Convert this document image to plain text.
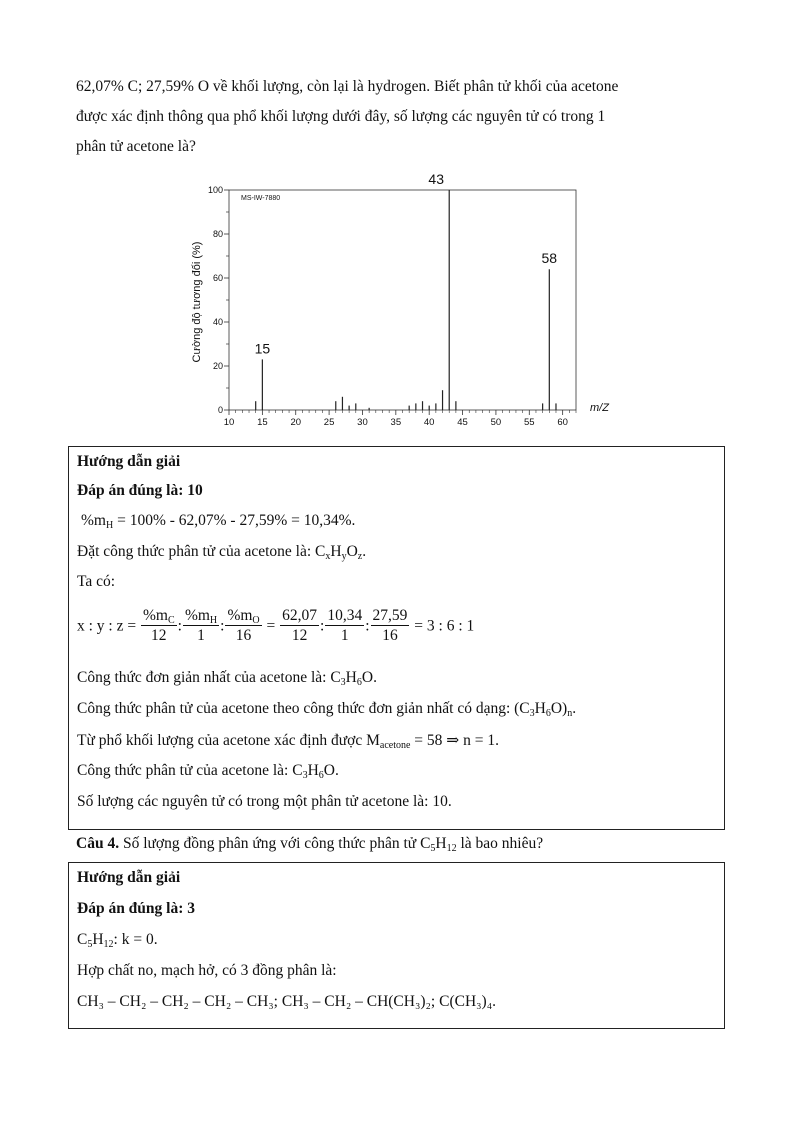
62,07% C; 27,59% O về khối lượng, còn lại là hydrogen. Biết phân tử khối của acetone
được xác định thông qua phổ khối lượng dưới đây, số lượng các nguyên tử có trong 1
phân tử acetone là?
0
20
40
60
80
100
10 15 20 25 30 35 40 45 50 55 60
15
43
58
MS-IW-7880
m/Z
Cường độ tương đối (%)
Hướng dẫn giải
Đáp án đúng là: 10
$\%m_H = 100\% - 62,07\% - 27,59\% = 10,34\%$.
Đặt công thức phân tử của acetone là: $C_xH_yO_z$.
Ta có:
x : y : $z = \frac{\%m_C}{12}$ : $\frac{\%m_H}{1}$ : $\frac{\%m_O}{16} = \frac{62,07}{12}$ : $\frac{10,34}{1}$ : $\frac{27,59}{16} = 3$ : 6 : 1
Công thức đơn giản nhất của acetone là: $C_3H_6O$.
Công thức phân tử của acetone theo công thức đơn giản nhất có dạng: $(C_3H_6O)_n$.
Từ phổ khối lượng của acetone xác định được $M_{acetone} = 58$ ⇒ n = 1.
Công thức phân tử của acetone là: $C_3H_6O$.
Số lượng các nguyên tử có trong một phân tử acetone là: 10.
Câu 4. Số lượng đồng phân ứng với công thức phân tử $C_5H_{12}$ là bao nhiêu?
Hướng dẫn giải
Đáp án đúng là: 3
$C_5H_{12}$: k = 0.
Hợp chất no, mạch hở, có 3 đồng phân là:
CH₃ – CH₂ – CH₂ – CH₂ – CH₃; CH₃ – CH₂ – CH(CH₃)₂; C(CH₃)₄.
